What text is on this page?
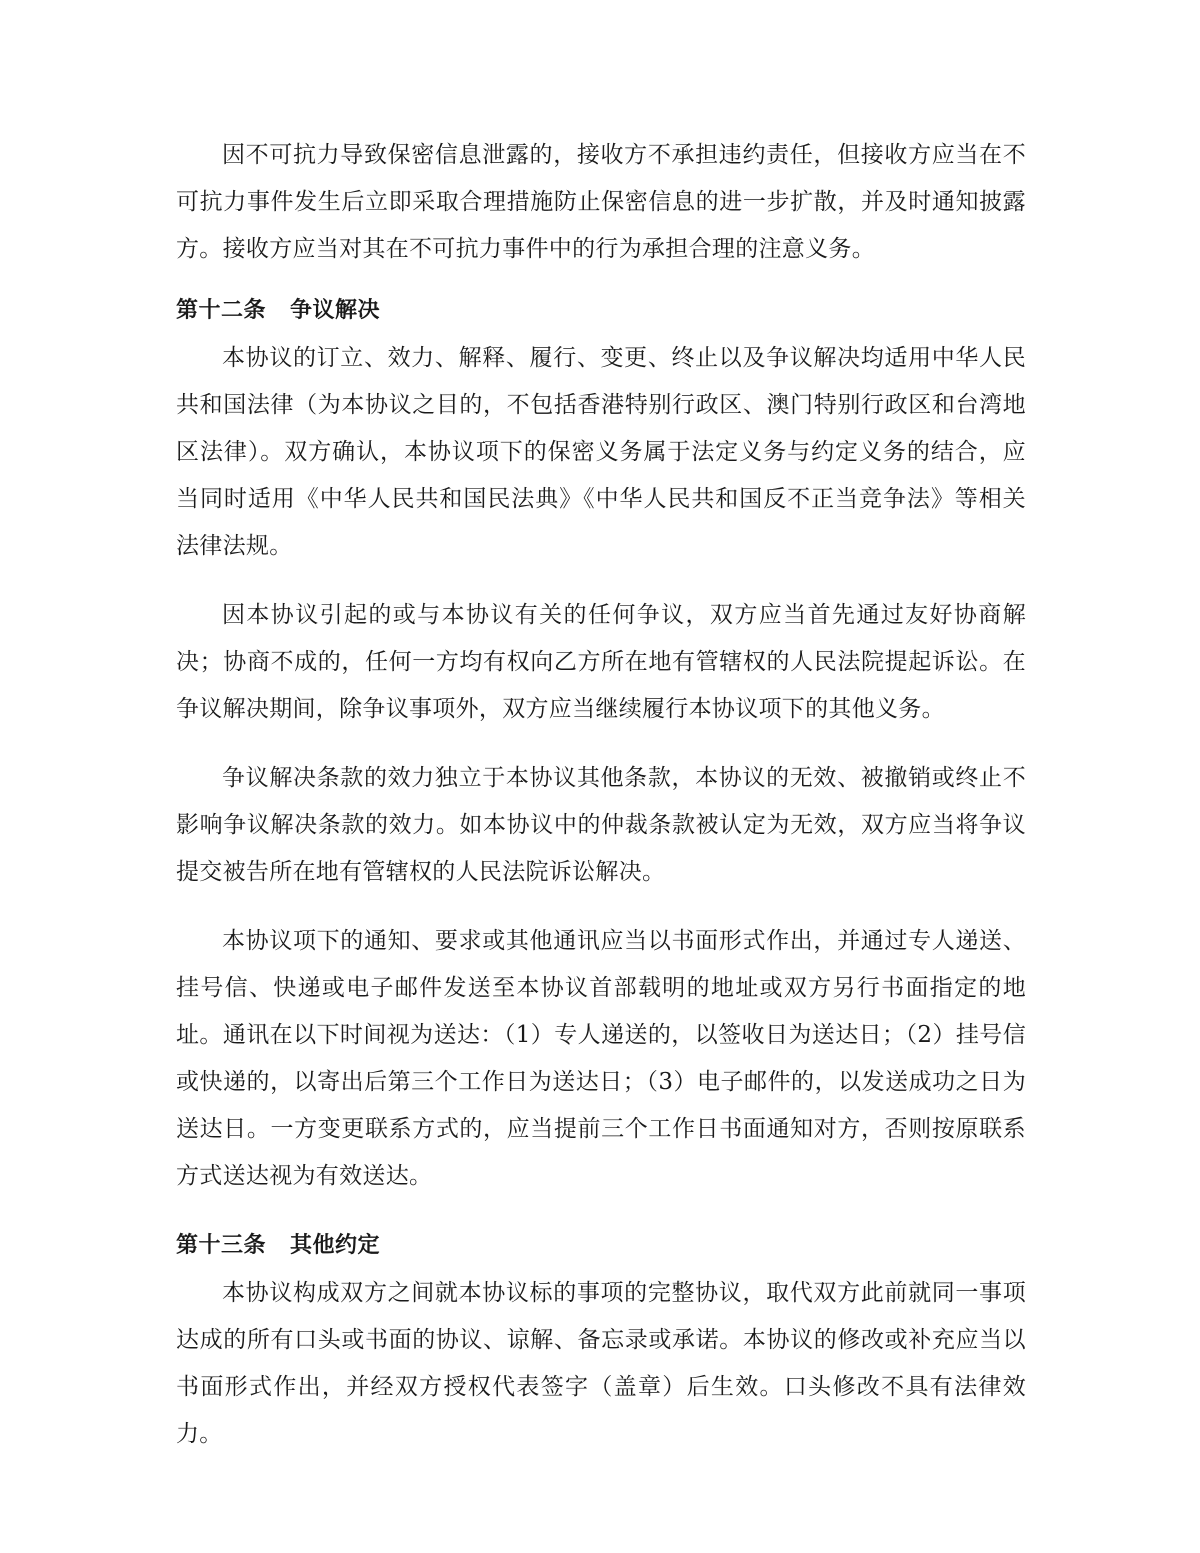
因不可抗力导致保密信息泄露的，接收方不承担违约责任，但接收方应当在不可抗力事件发生后立即采取合理措施防止保密信息的进一步扩散，并及时通知披露方。接收方应当对其在不可抗力事件中的行为承担合理的注意义务。

第十二条 争议解决

本协议的订立、效力、解释、履行、变更、终止以及争议解决均适用中华人民共和国法律（为本协议之目的，不包括香港特别行政区、澳门特别行政区和台湾地区法律）。双方确认，本协议项下的保密义务属于法定义务与约定义务的结合，应当同时适用《中华人民共和国民法典》《中华人民共和国反不正当竞争法》等相关法律法规。

因本协议引起的或与本协议有关的任何争议，双方应当首先通过友好协商解决；协商不成的，任何一方均有权向乙方所在地有管辖权的人民法院提起诉讼。在争议解决期间，除争议事项外，双方应当继续履行本协议项下的其他义务。

争议解决条款的效力独立于本协议其他条款，本协议的无效、被撤销或终止不影响争议解决条款的效力。如本协议中的仲裁条款被认定为无效，双方应当将争议提交被告所在地有管辖权的人民法院诉讼解决。

本协议项下的通知、要求或其他通讯应当以书面形式作出，并通过专人递送、挂号信、快递或电子邮件发送至本协议首部载明的地址或双方另行书面指定的地址。通讯在以下时间视为送达：（1）专人递送的，以签收日为送达日；（2）挂号信或快递的，以寄出后第三个工作日为送达日；（3）电子邮件的，以发送成功之日为送达日。一方变更联系方式的，应当提前三个工作日书面通知对方，否则按原联系方式送达视为有效送达。

第十三条 其他约定

本协议构成双方之间就本协议标的事项的完整协议，取代双方此前就同一事项达成的所有口头或书面的协议、谅解、备忘录或承诺。本协议的修改或补充应当以书面形式作出，并经双方授权代表签字（盖章）后生效。口头修改不具有法律效力。
